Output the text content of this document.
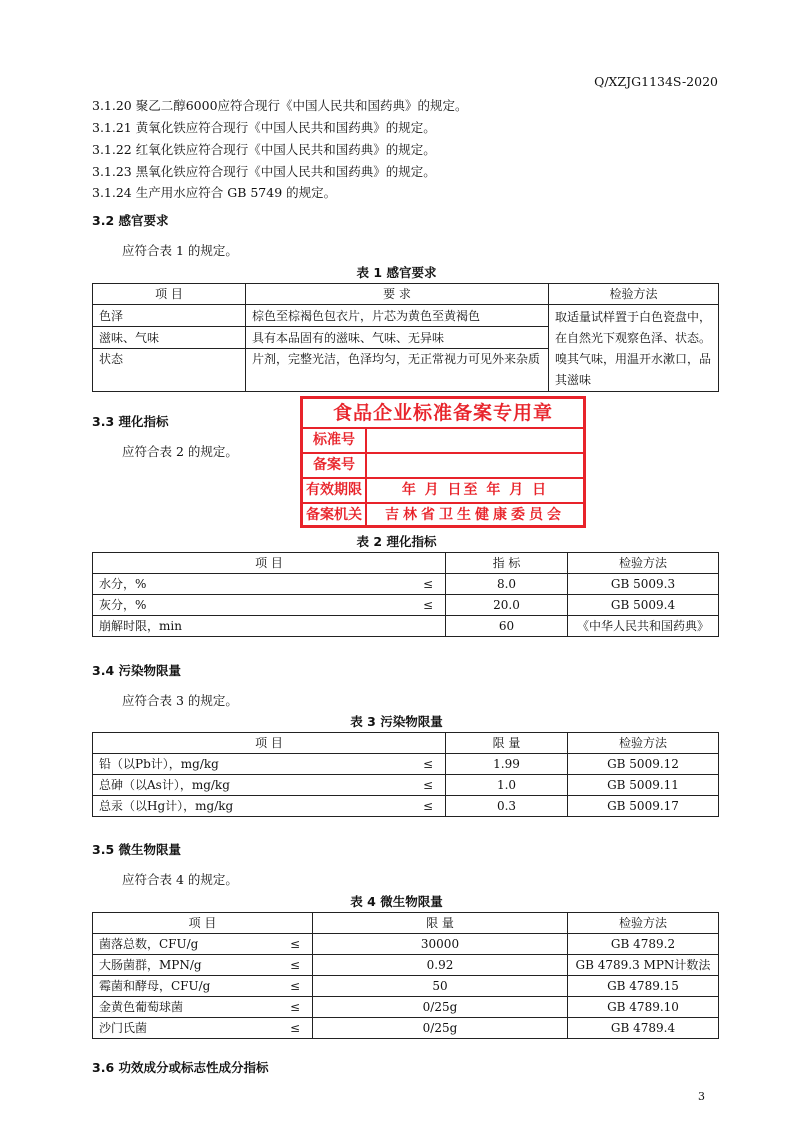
Q/XZJG1134S-2020
3.1.20 聚乙二醇6000应符合现行《中国人民共和国药典》的规定。
3.1.21 黄氧化铁应符合现行《中国人民共和国药典》的规定。
3.1.22 红氧化铁应符合现行《中国人民共和国药典》的规定。
3.1.23 黑氧化铁应符合现行《中国人民共和国药典》的规定。
3.1.24 生产用水应符合 GB 5749 的规定。
3.2 感官要求
应符合表 1 的规定。
表 1 感官要求
项 目	要 求	检验方法
色泽	棕色至棕褐色包衣片，片芯为黄色至黄褐色	取适量试样置于白色瓷盘中，在自然光下观察色泽、状态。嗅其气味，用温开水漱口，品其滋味
滋味、气味	具有本品固有的滋味、气味、无异味	
状态	片剂，完整光洁，色泽均匀，无正常视力可见外来杂质	
3.3 理化指标
应符合表 2 的规定。
食品企业标准备案专用章
标准号
备案号
有效期限	年 月 日至 年 月 日
备案机关	吉林省卫生健康委员会
表 2 理化指标
项 目	指 标	检验方法
水分，% ≤	8.0	GB 5009.3
灰分，% ≤	20.0	GB 5009.4
崩解时限，min	60	《中华人民共和国药典》
3.4 污染物限量
应符合表 3 的规定。
表 3 污染物限量
项 目	限 量	检验方法
铅（以Pb计），mg/kg ≤	1.99	GB 5009.12
总砷（以As计），mg/kg ≤	1.0	GB 5009.11
总汞（以Hg计），mg/kg ≤	0.3	GB 5009.17
3.5 微生物限量
应符合表 4 的规定。
表 4 微生物限量
项 目	限 量	检验方法
菌落总数，CFU/g ≤	30000	GB 4789.2
大肠菌群，MPN/g ≤	0.92	GB 4789.3 MPN计数法
霉菌和酵母，CFU/g ≤	50	GB 4789.15
金黄色葡萄球菌 ≤	0/25g	GB 4789.10
沙门氏菌 ≤	0/25g	GB 4789.4
3.6 功效成分或标志性成分指标
3
